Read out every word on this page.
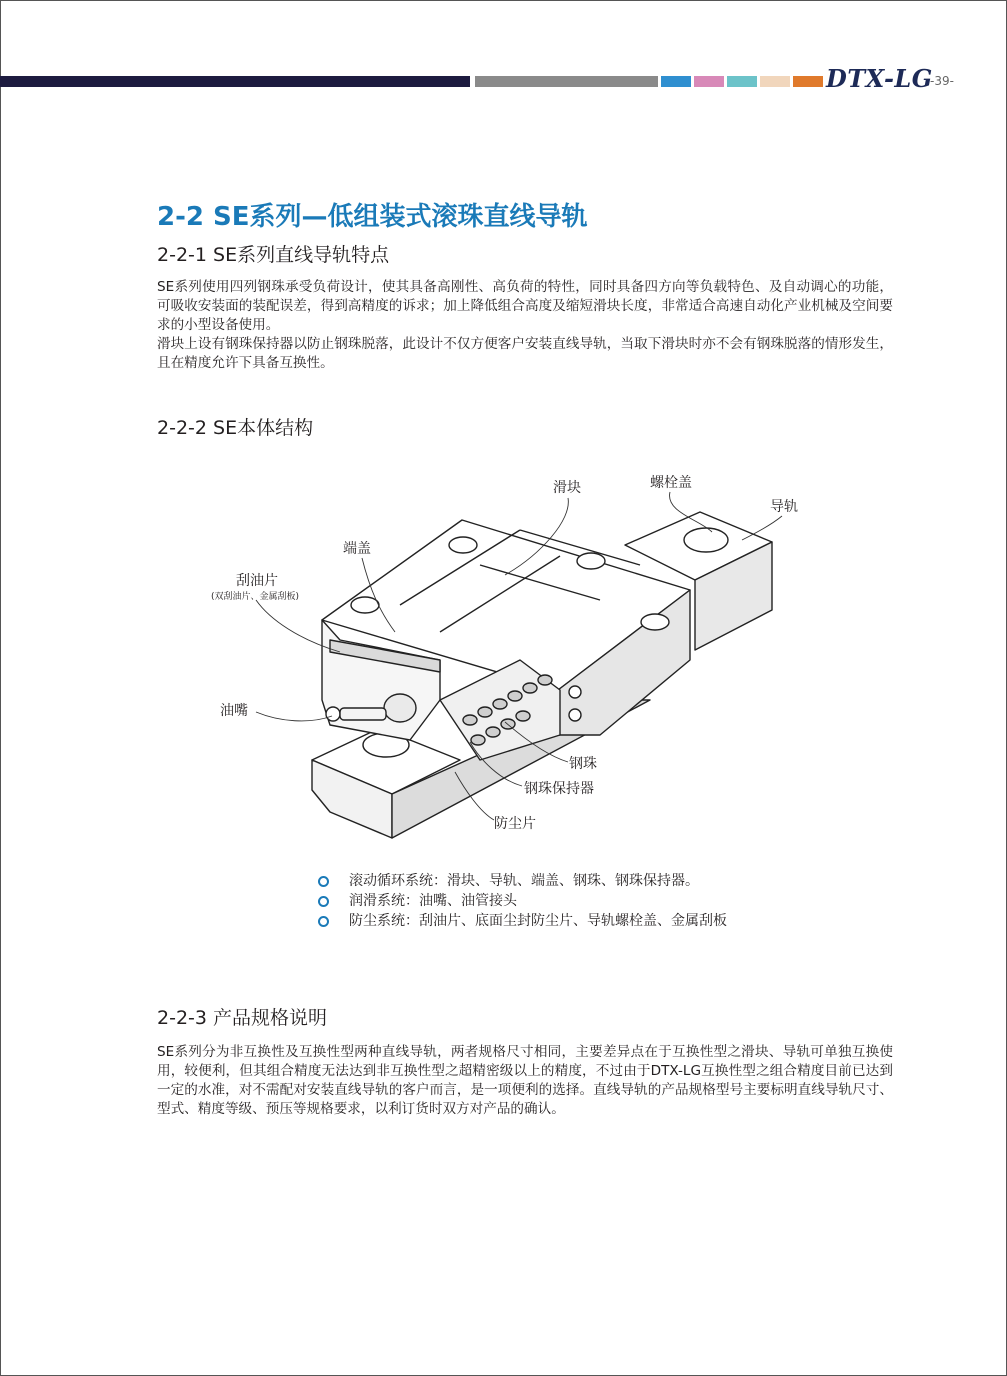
DTX-LG
-39-
2-2 SE系列—低组装式滚珠直线导轨
2-2-1 SE系列直线导轨特点

SE系列使用四列钢珠承受负荷设计，使其具备高刚性、高负荷的特性，同时具备四方向等负载特色、及自动调心的功能，可吸收安装面的装配误差，得到高精度的诉求；加上降低组合高度及缩短滑块长度，非常适合高速自动化产业机械及空间要求的小型设备使用。

滑块上设有钢珠保持器以防止钢珠脱落，此设计不仅方便客户安装直线导轨，当取下滑块时亦不会有钢珠脱落的情形发生，且在精度允许下具备互换性。

2-2-2 SE本体结构
滑块	螺栓盖
导轨
端盖
刮油片
(双刮油片、金属刮板)
油嘴
钢珠
钢珠保持器
防尘片
滚动循环系统：滑块、导轨、端盖、钢珠、钢珠保持器。
润滑系统：油嘴、油管接头
防尘系统：刮油片、底面尘封防尘片、导轨螺栓盖、金属刮板
2-2-3 产品规格说明

SE系列分为非互换性及互换性型两种直线导轨，两者规格尺寸相同，主要差异点在于互换性型之滑块、导轨可单独互换使用，较便利，但其组合精度无法达到非互换性型之超精密级以上的精度，不过由于DTX-LG互换性型之组合精度目前已达到一定的水准，对不需配对安装直线导轨的客户而言，是一项便利的选择。直线导轨的产品规格型号主要标明直线导轨尺寸、型式、精度等级、预压等规格要求，以利订货时双方对产品的确认。
